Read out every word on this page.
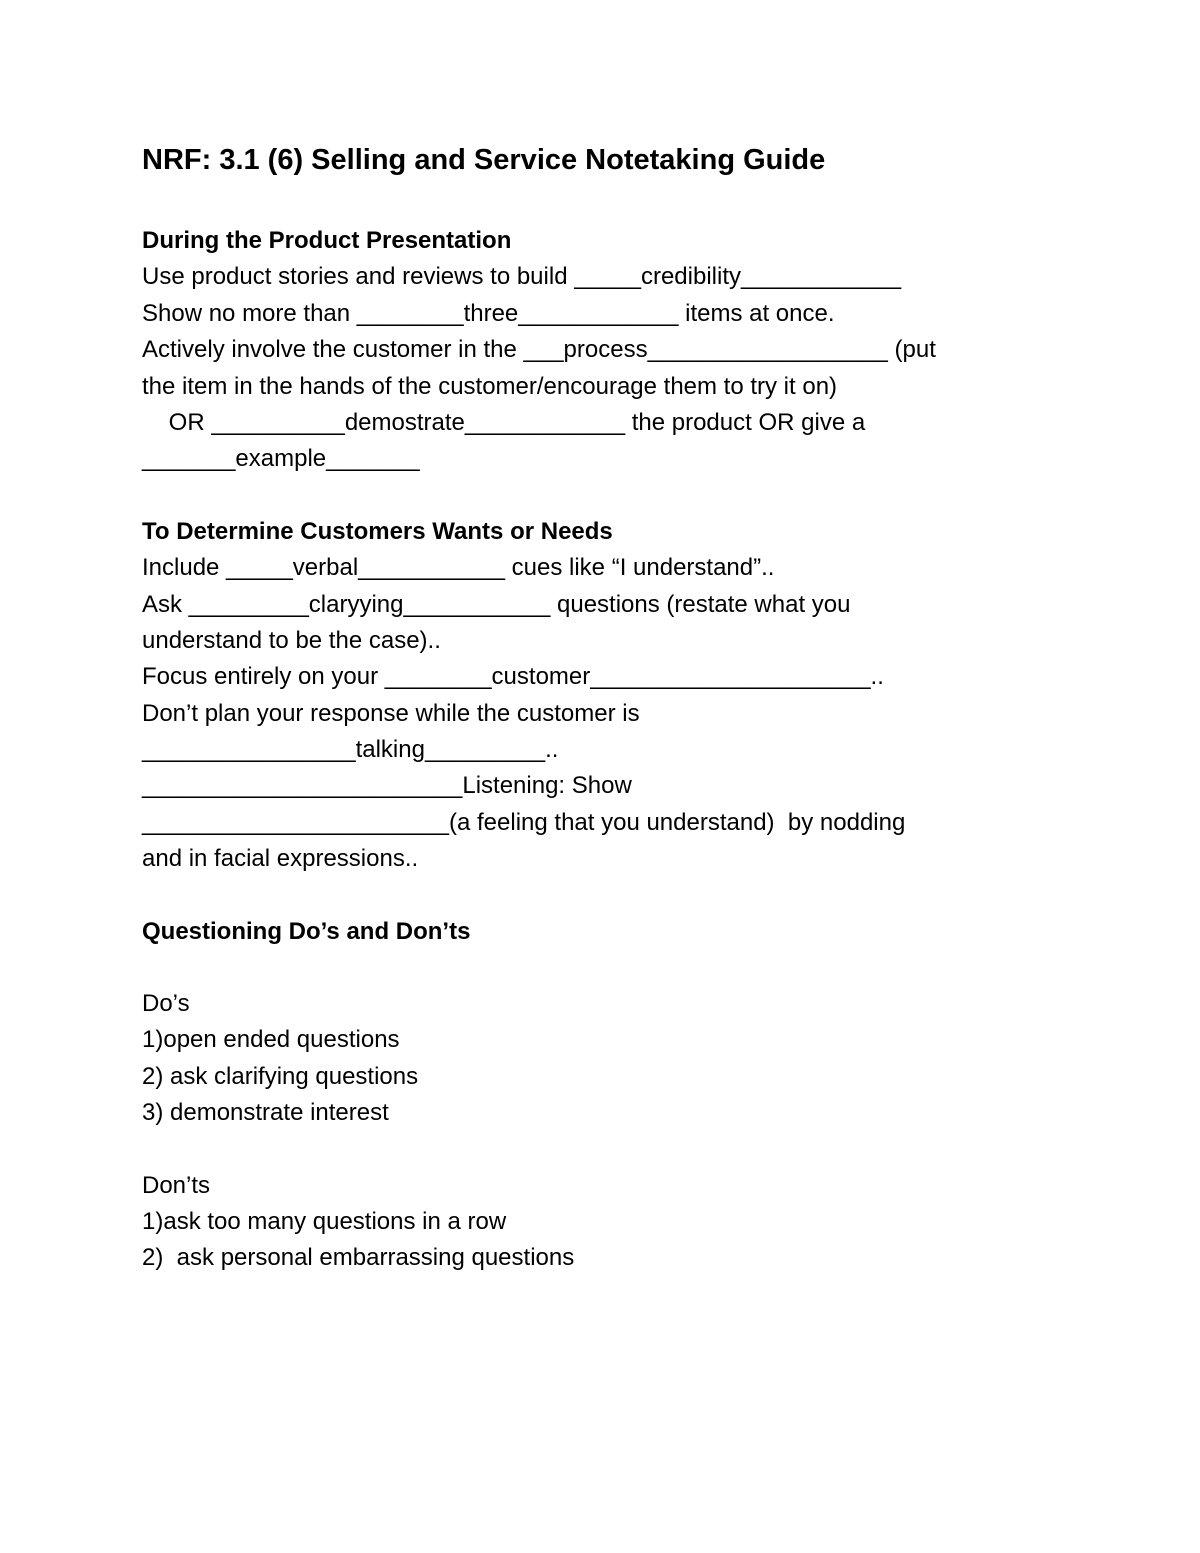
NRF: 3.1 (6) Selling and Service Notetaking Guide
During the Product Presentation
Use product stories and reviews to build _____credibility____________
Show no more than ________three____________ items at once.
Actively involve the customer in the ___process__________________ (put
the item in the hands of the customer/encourage them to try it on)
OR __________demostrate____________ the product OR give a
_______example_______
To Determine Customers Wants or Needs
Include _____verbal___________ cues like “I understand”..
Ask _________claryying___________ questions (restate what you
understand to be the case)..
Focus entirely on your ________customer_____________________..
Don’t plan your response while the customer is
________________talking_________..
________________________Listening: Show
_______________________(a feeling that you understand)  by nodding
and in facial expressions..
Questioning Do’s and Don’ts
Do’s
1)open ended questions
2) ask clarifying questions
3) demonstrate interest
Don’ts
1)ask too many questions in a row
2)  ask personal embarrassing questions
